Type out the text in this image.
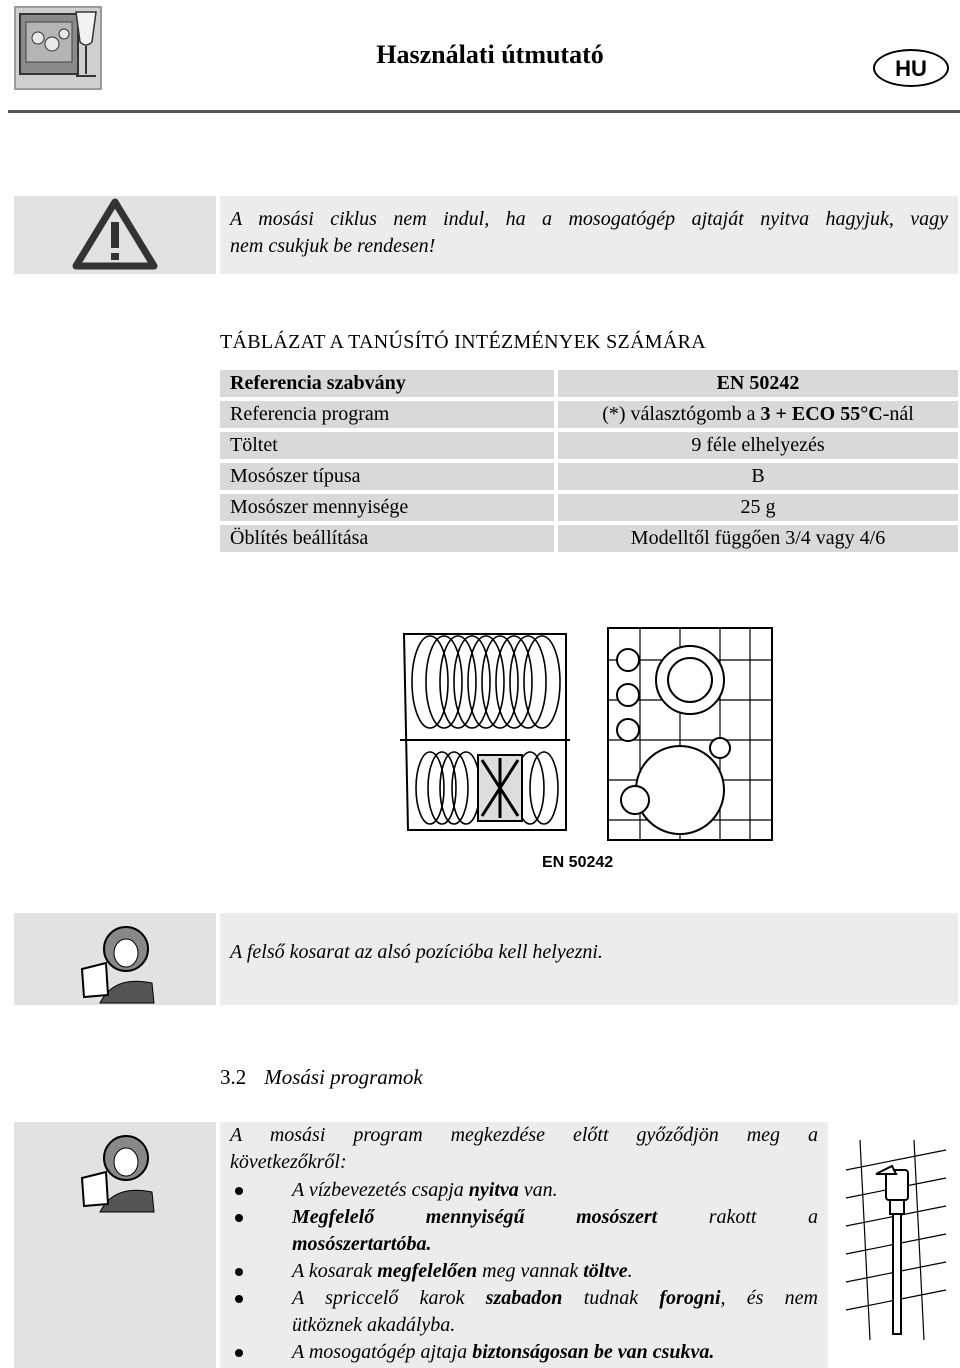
Használati útmutató	HU
A mosási ciklus nem indul, ha a mosogatógép ajtaját nyitva hagyjuk, vagy
nem csukjuk be rendesen!
TÁBLÁZAT A TANÚSÍTÓ INTÉZMÉNYEK SZÁMÁRA
Referencia szabvány	EN 50242
Referencia program	(*) választógomb a 3 + ECO 55°C-nál
Töltet	9 féle elhelyezés
Mosószer típusa	B
Mosószer mennyisége	25 g
Öblítés beállítása	Modelltől függően 3/4 vagy 4/6
EN 50242
A felső kosarat az alsó pozícióba kell helyezni.
3.2 Mosási programok
A mosási program megkezdése előtt győződjön meg a
következőkről:
A vízbevezetés csapja nyitva van.
Megfelelő mennyiségű mosószert rakott a
mosószertartóba.
A kosarak megfelelően meg vannak töltve.
A spriccelő karok szabadon tudnak forogni, és nem
ütköznek akadályba.
A mosogatógép ajtaja biztonságosan be van csukva.
